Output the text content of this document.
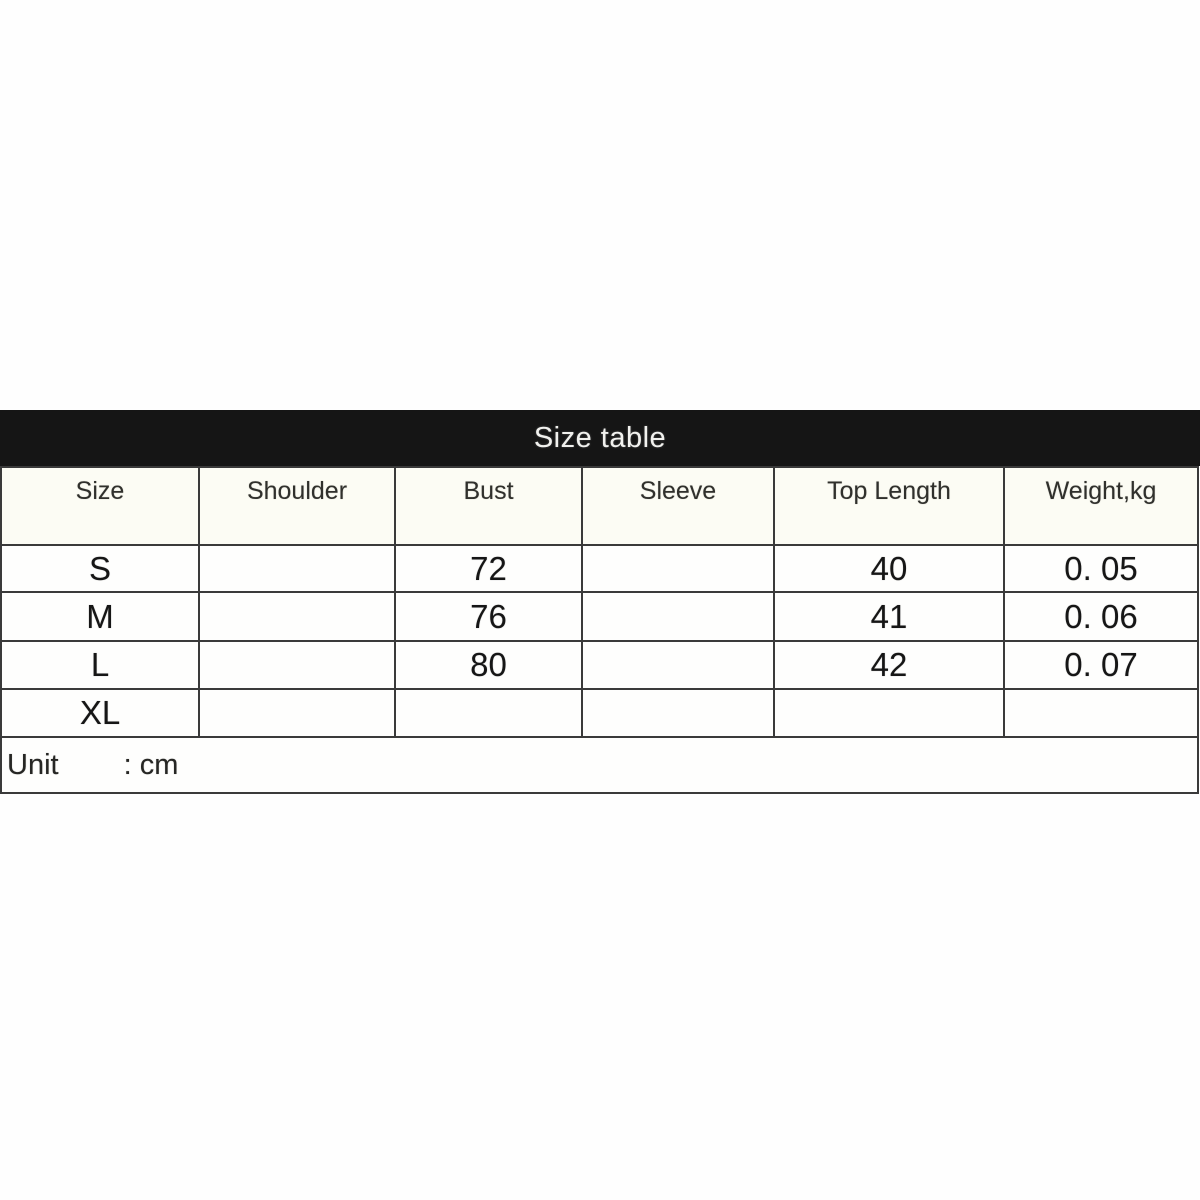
Size table
Size	Shoulder	Bust	Sleeve	Top Length	Weight,kg
S		72		40	0. 05
M		76		41	0. 06
L		80		42	0. 07
XL					
Unit : cm					
